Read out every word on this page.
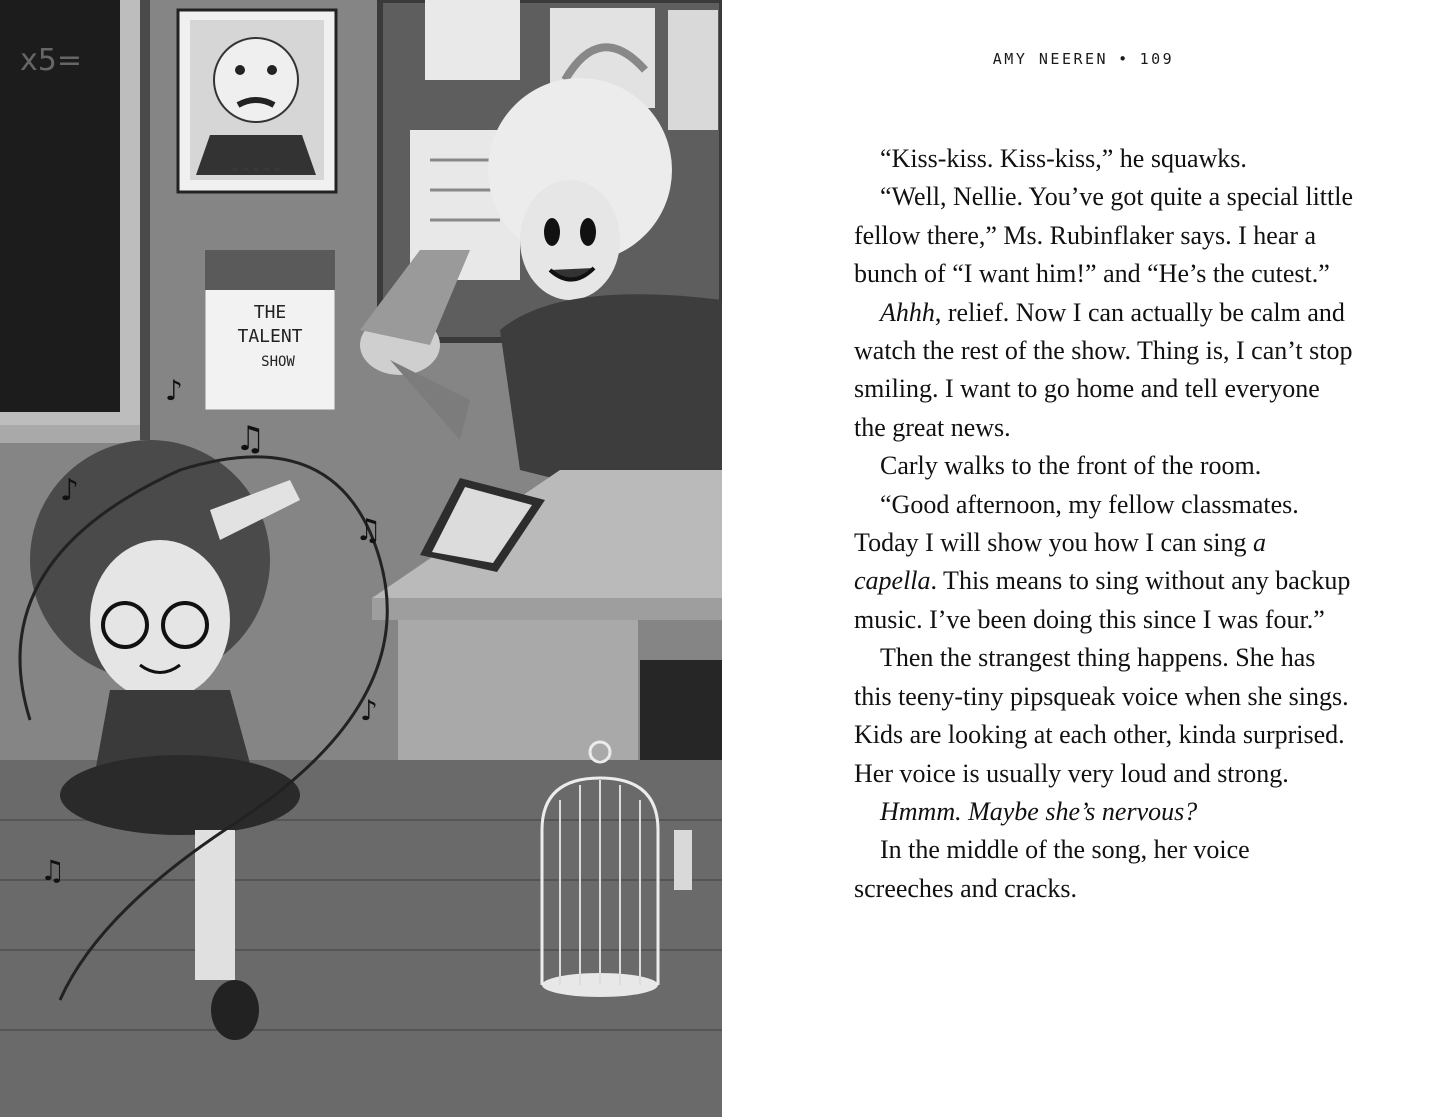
x5=
~ ~ ~ ~ ~
THE
TALENT
SHOW
♫
♪
♫
♪
♪
♫
AMY NEEREN • 109

“Kiss-kiss. Kiss-kiss,” he squawks.

“Well, Nellie. You’ve got quite a special little fellow there,” Ms. Rubinflaker says. I hear a bunch of “I want him!” and “He’s the cutest.”

Ahhh, relief. Now I can actually be calm and watch the rest of the show. Thing is, I can’t stop smiling. I want to go home and tell everyone the great news.

Carly walks to the front of the room.

“Good afternoon, my fellow classmates. Today I will show you how I can sing a capella. This means to sing without any backup music. I’ve been doing this since I was four.”

Then the strangest thing happens. She has this teeny-tiny pipsqueak voice when she sings. Kids are looking at each other, kinda surprised. Her voice is usually very loud and strong.

Hmmm. Maybe she’s nervous?

In the middle of the song, her voice screeches and cracks.
